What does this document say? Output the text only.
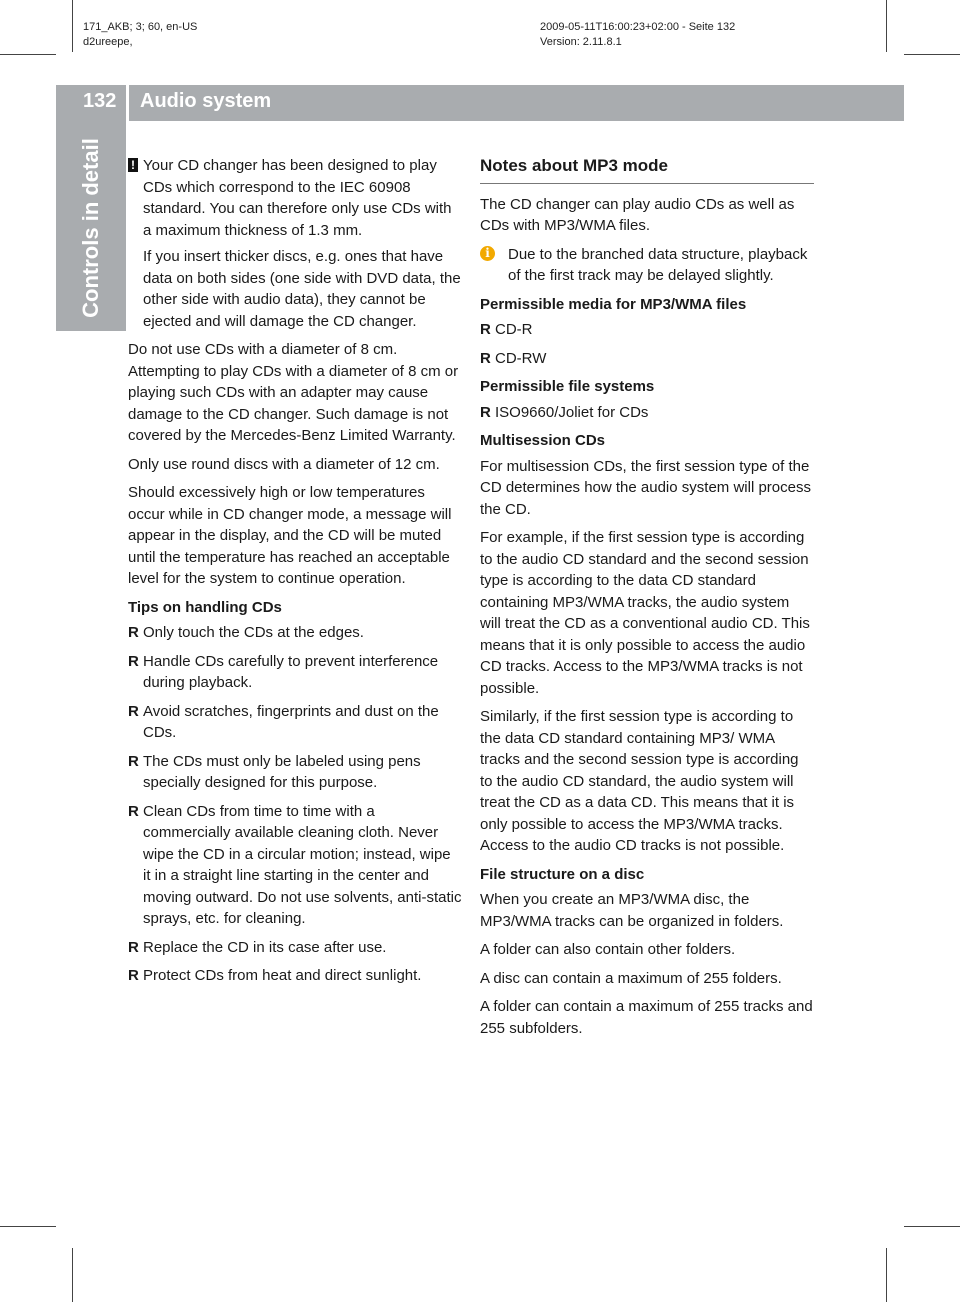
171_AKB; 3; 60, en-US
d2ureepe,
2009-05-11T16:00:23+02:00 - Seite 132
Version: 2.11.8.1
132 Audio system
Controls in detail ! Your CD changer has been designed to play CDs which correspond to the IEC 60908 standard. You can therefore only use CDs with a maximum thickness of 1.3 mm.

If you insert thicker discs, e.g. ones that have data on both sides (one side with DVD data, the other side with audio data), they cannot be ejected and will damage the CD changer.

Do not use CDs with a diameter of 8 cm. Attempting to play CDs with a diameter of 8 cm or playing such CDs with an adapter may cause damage to the CD changer. Such damage is not covered by the Mercedes-Benz Limited Warranty.

Only use round discs with a diameter of 12 cm.

Should excessively high or low temperatures occur while in CD changer mode, a message will appear in the display, and the CD will be muted until the temperature has reached an acceptable level for the system to continue operation.

Tips on handling CDs

R Only touch the CDs at the edges.
R Handle CDs carefully to prevent interference during playback.
R Avoid scratches, fingerprints and dust on the CDs.
R The CDs must only be labeled using pens specially designed for this purpose.
R Clean CDs from time to time with a commercially available cleaning cloth. Never wipe the CD in a circular motion; instead, wipe it in a straight line starting in the center and moving outward. Do not use solvents, anti-static sprays, etc. for cleaning.
R Replace the CD in its case after use.
R Protect CDs from heat and direct sunlight.
Notes about MP3 mode

The CD changer can play audio CDs as well as CDs with MP3/WMA files.

i	Due to the branched data structure, playback of the first track may be delayed slightly.

Permissible media for MP3/WMA files

R CD-R
R CD-RW

Permissible file systems

R ISO9660/Joliet for CDs

Multisession CDs

For multisession CDs, the first session type of the CD determines how the audio system will process the CD.

For example, if the first session type is according to the audio CD standard and the second session type is according to the data CD standard containing MP3/WMA tracks, the audio system will treat the CD as a conventional audio CD. This means that it is only possible to access the audio CD tracks. Access to the MP3/WMA tracks is not possible.

Similarly, if the first session type is according to the data CD standard containing MP3/ WMA tracks and the second session type is according to the audio CD standard, the audio system will treat the CD as a data CD. This means that it is only possible to access the MP3/WMA tracks. Access to the audio CD tracks is not possible.

File structure on a disc

When you create an MP3/WMA disc, the MP3/WMA tracks can be organized in folders.

A folder can also contain other folders.

A disc can contain a maximum of 255 folders.

A folder can contain a maximum of 255 tracks and 255 subfolders.
